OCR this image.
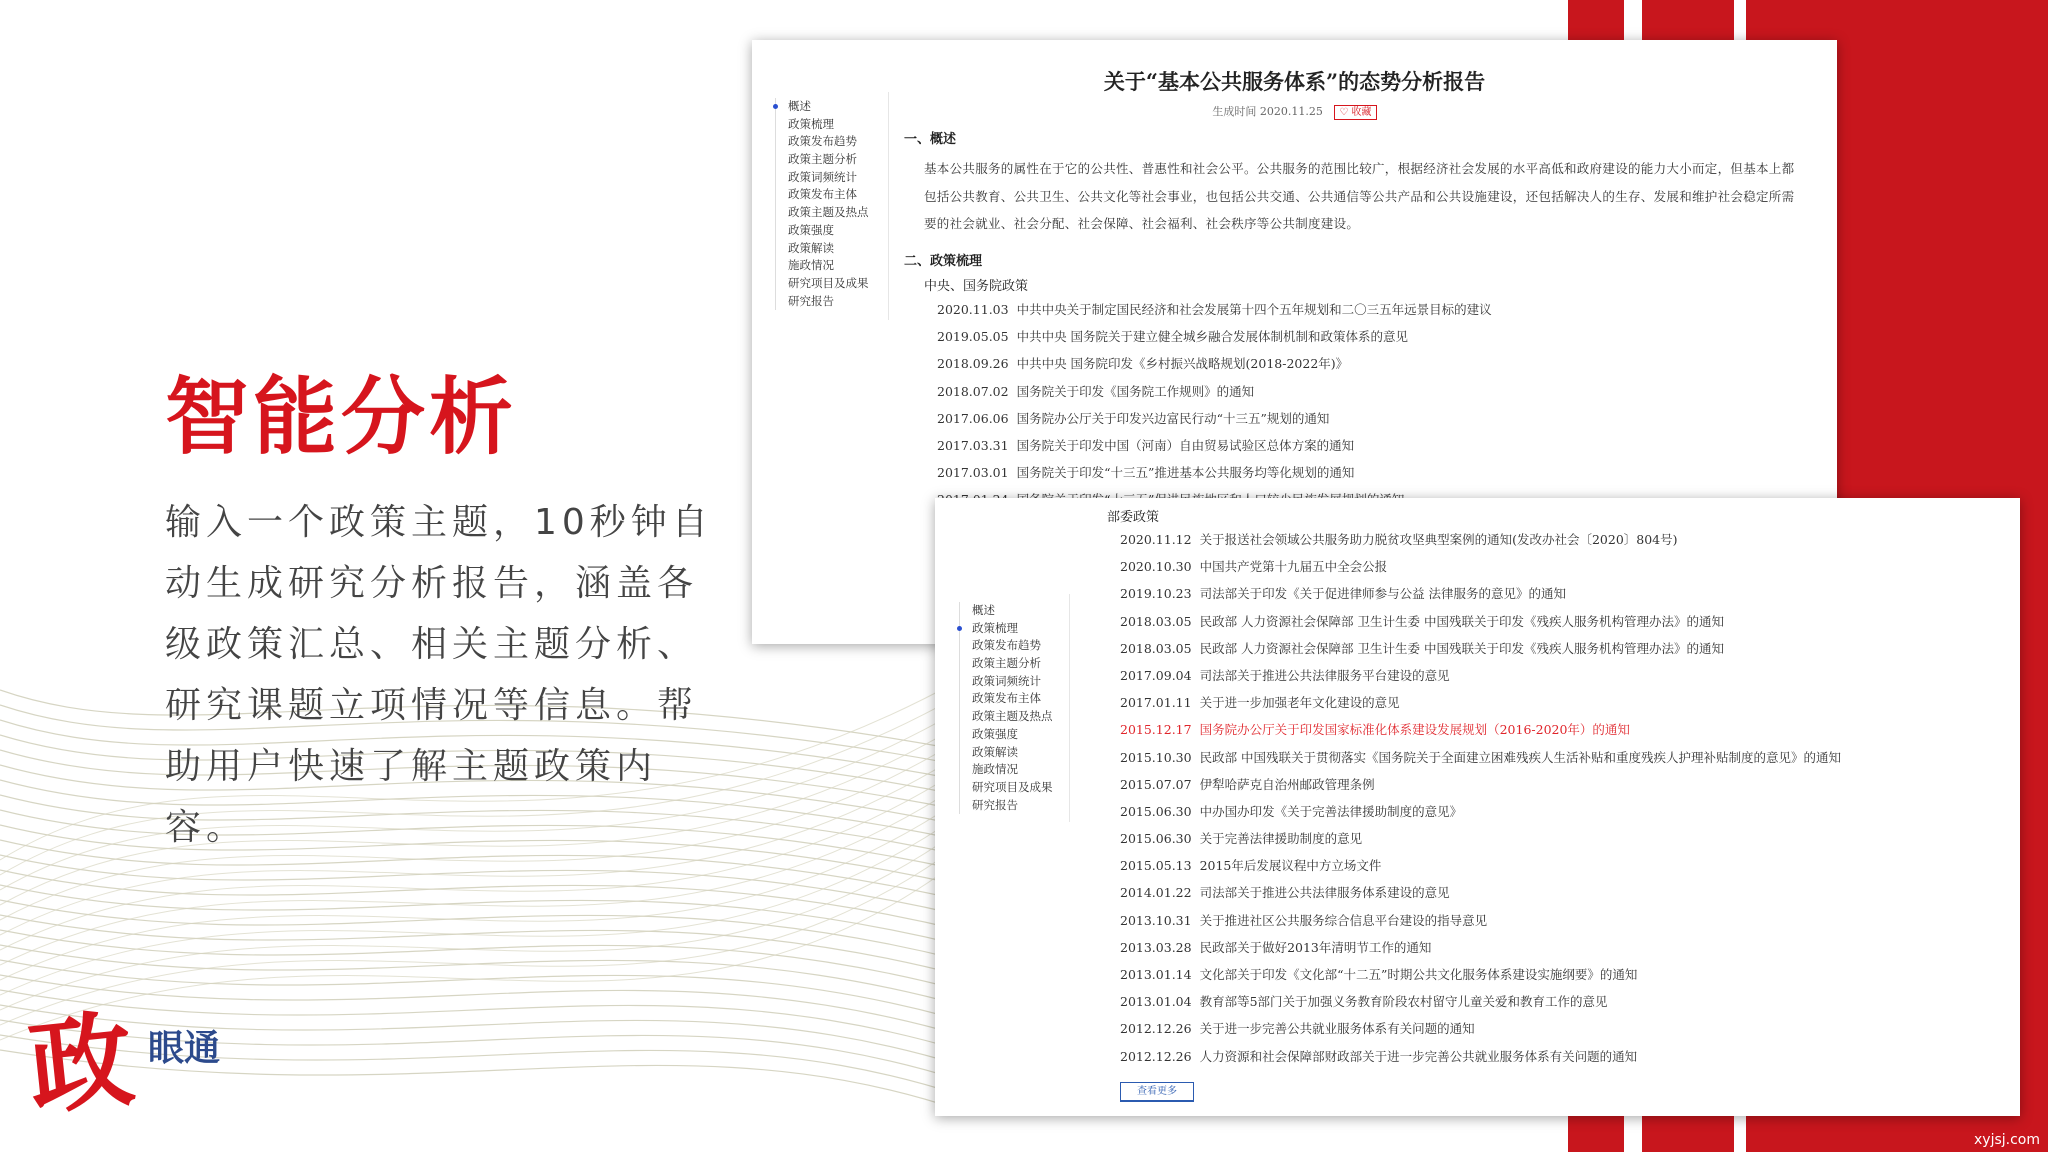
智能分析
输入一个政策主题，10秒钟自动生成研究分析报告，涵盖各级政策汇总、相关主题分析、研究课题立项情况等信息。帮助用户快速了解主题政策内容。
政 眼通
xyjsj.com
概述
政策梳理
政策发布趋势
政策主题分析
政策词频统计
政策发布主体
政策主题及热点
政策强度
政策解读
施政情况
研究项目及成果
研究报告
关于“基本公共服务体系”的态势分析报告
生成时间 2020.11.25 ♡ 收藏
一、概述

基本公共服务的属性在于它的公共性、普惠性和社会公平。公共服务的范围比较广，根据经济社会发展的水平高低和政府建设的能力大小而定，但基本上都包括公共教育、公共卫生、公共文化等社会事业，也包括公共交通、公共通信等公共产品和公共设施建设，还包括解决人的生存、发展和维护社会稳定所需要的社会就业、社会分配、社会保障、社会福利、社会秩序等公共制度建设。

二、政策梳理
中央、国务院政策
2020.11.03 中共中央关于制定国民经济和社会发展第十四个五年规划和二〇三五年远景目标的建议
2019.05.05 中共中央 国务院关于建立健全城乡融合发展体制机制和政策体系的意见
2018.09.26 中共中央 国务院印发《乡村振兴战略规划(2018-2022年)》
2018.07.02 国务院关于印发《国务院工作规则》的通知
2017.06.06 国务院办公厅关于印发兴边富民行动“十三五”规划的通知
2017.03.31 国务院关于印发中国（河南）自由贸易试验区总体方案的通知
2017.03.01 国务院关于印发“十三五”推进基本公共服务均等化规划的通知
部委政策
2020.11.12 关于报送社会领域公共服务助力脱贫攻坚典型案例的通知(发改办社会〔2020〕804号)
2020.10.30 中国共产党第十九届五中全会公报
2019.10.23 司法部关于印发《关于促进律师参与公益 法律服务的意见》的通知
2018.03.05 民政部 人力资源社会保障部 卫生计生委 中国残联关于印发《残疾人服务机构管理办法》的通知
2018.03.05 民政部 人力资源社会保障部 卫生计生委 中国残联关于印发《残疾人服务机构管理办法》的通知
2017.09.04 司法部关于推进公共法律服务平台建设的意见
2017.01.11 关于进一步加强老年文化建设的意见
2015.12.17 国务院办公厅关于印发国家标准化体系建设发展规划（2016-2020年）的通知
2015.10.30 民政部 中国残联关于贯彻落实《国务院关于全面建立困难残疾人生活补贴和重度残疾人护理补贴制度的意见》的通知
2015.07.07 伊犁哈萨克自治州邮政管理条例
2015.06.30 中办国办印发《关于完善法律援助制度的意见》
2015.06.30 关于完善法律援助制度的意见
2015.05.13 2015年后发展议程中方立场文件
2014.01.22 司法部关于推进公共法律服务体系建设的意见
2013.10.31 关于推进社区公共服务综合信息平台建设的指导意见
2013.03.28 民政部关于做好2013年清明节工作的通知
2013.01.14 文化部关于印发《文化部“十二五”时期公共文化服务体系建设实施纲要》的通知
2013.01.04 教育部等5部门关于加强义务教育阶段农村留守儿童关爱和教育工作的意见
2012.12.26 关于进一步完善公共就业服务体系有关问题的通知
2012.12.26 人力资源和社会保障部财政部关于进一步完善公共就业服务体系有关问题的通知
概述
政策梳理
政策发布趋势
政策主题分析
政策词频统计
政策发布主体
政策主题及热点
政策强度
政策解读
施政情况
研究项目及成果
研究报告
查看更多
